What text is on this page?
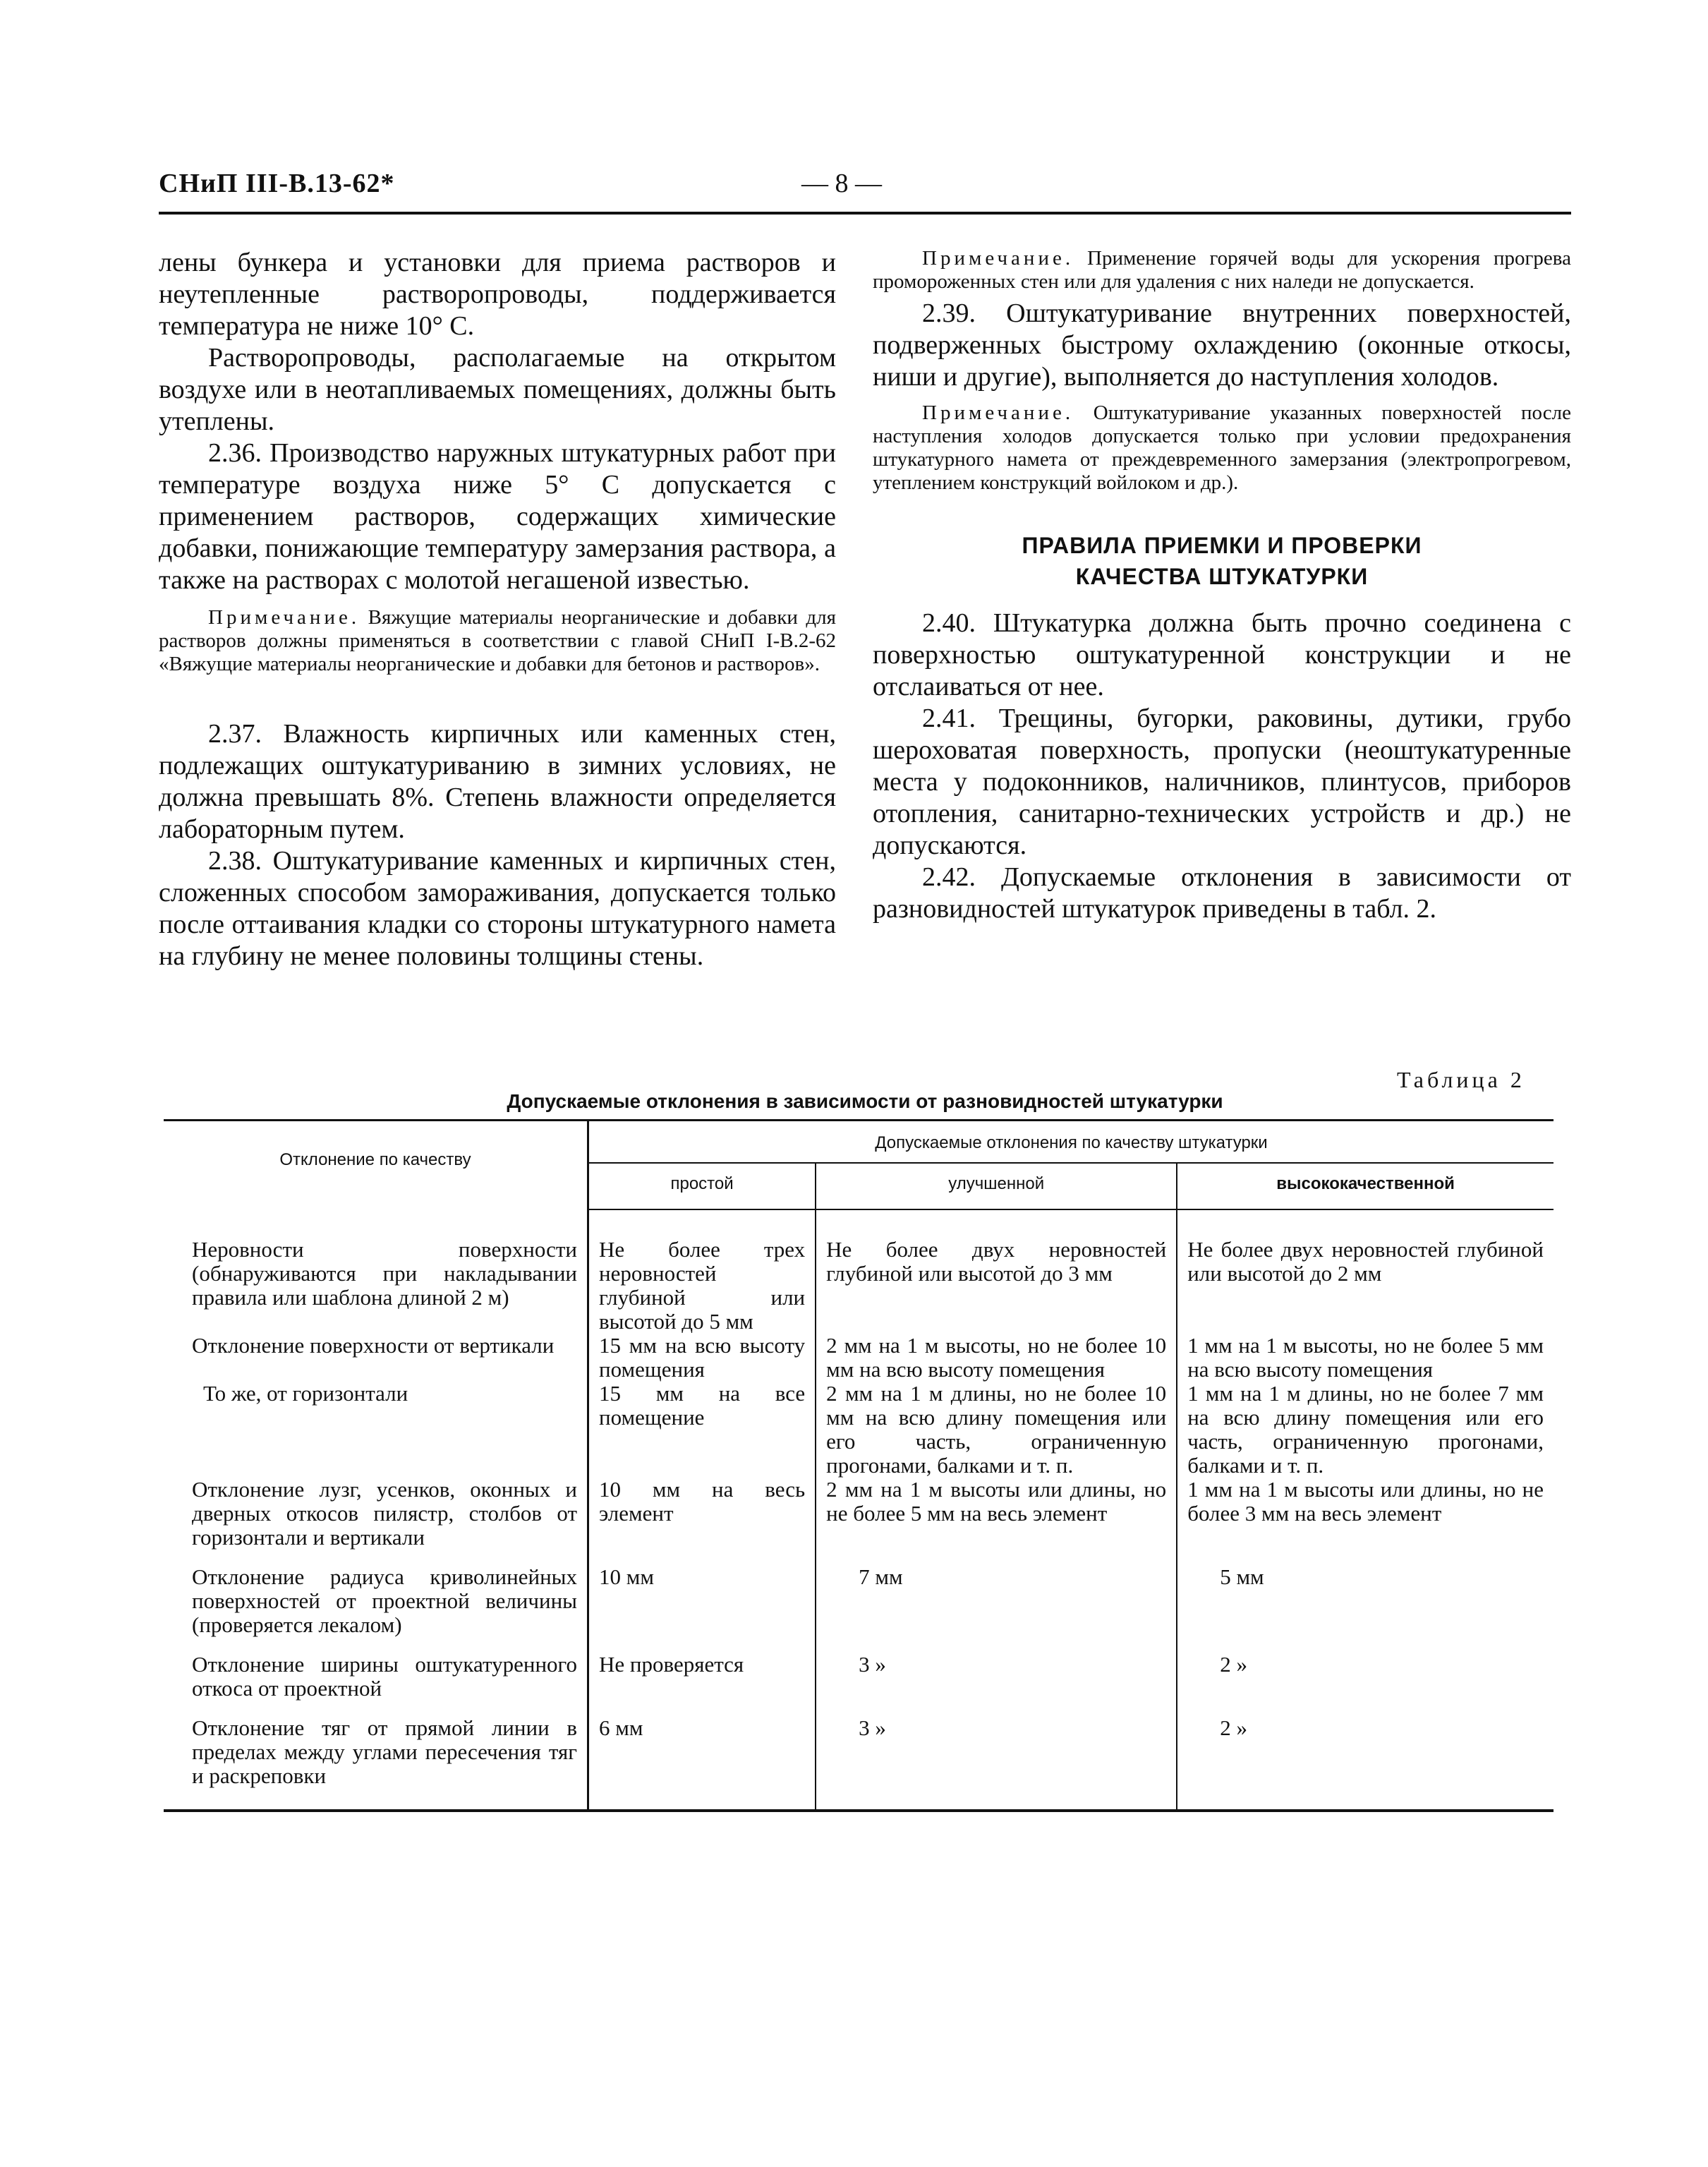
СНиП III-В.13-62*	— 8 —

лены бункера и установки для приема растворов и неутепленные растворопроводы, поддерживается температура не ниже 10° С.

Растворопроводы, располагаемые на открытом воздухе или в неотапливаемых помещениях, должны быть утеплены.

2.36. Производство наружных штукатурных работ при температуре воздуха ниже 5° С допускается с применением растворов, содержащих химические добавки, понижающие температуру замерзания раствора, а также на растворах с молотой негашеной известью.

Примечание. Вяжущие материалы неорганические и добавки для растворов должны применяться в соответствии с главой СНиП I-В.2-62 «Вяжущие материалы неорганические и добавки для бетонов и растворов».

2.37. Влажность кирпичных или каменных стен, подлежащих оштукатуриванию в зимних условиях, не должна превышать 8%. Степень влажности определяется лабораторным путем.

2.38. Оштукатуривание каменных и кирпичных стен, сложенных способом замораживания, допускается только после оттаивания кладки со стороны штукатурного намета на глубину не менее половины толщины стены.

Примечание. Применение горячей воды для ускорения прогрева промороженных стен или для удаления с них наледи не допускается.

2.39. Оштукатуривание внутренних поверхностей, подверженных быстрому охлаждению (оконные откосы, ниши и другие), выполняется до наступления холодов.

Примечание. Оштукатуривание указанных поверхностей после наступления холодов допускается только при условии предохранения штукатурного намета от преждевременного замерзания (электропрогревом, утеплением конструкций войлоком и др.).

ПРАВИЛА ПРИЕМКИ И ПРОВЕРКИ

КАЧЕСТВА ШТУКАТУРКИ

2.40. Штукатурка должна быть прочно соединена с поверхностью оштукатуренной конструкции и не отслаиваться от нее.

2.41. Трещины, бугорки, раковины, дутики, грубо шероховатая поверхность, пропуски (неоштукатуренные места у подоконников, наличников, плинтусов, приборов отопления, санитарно-технических устройств и др.) не допускаются.

2.42. Допускаемые отклонения в зависимости от разновидностей штукатурок приведены в табл. 2.

Таблица 2
Допускаемые отклонения в зависимости от разновидностей штукатурки
Отклонение по качеству	Допускаемые отклонения по качеству штукатурки		
	простой	улучшенной	высококачественной

Неровности поверхности (обнаруживаются при накладывании правила или шаблона длиной 2 м)	Не более трех неровностей глубиной или высотой до 5 мм	Не более двух неровностей глубиной или высотой до 3 мм	Не более двух неровностей глубиной или высотой до 2 мм
Отклонение поверхности от вертикали	15 мм на всю высоту помещения	2 мм на 1 м высоты, но не более 10 мм на всю высоту помещения	1 мм на 1 м высоты, но не более 5 мм на всю высоту помещения
То же, от горизонтали	15 мм на все помещение	2 мм на 1 м длины, но не более 10 мм на всю длину помещения или его часть, ограниченную прогонами, балками и т. п.	1 мм на 1 м длины, но не более 7 мм на всю длину помещения или его часть, ограниченную прогонами, балками и т. п.
Отклонение лузг, усенков, оконных и дверных откосов пилястр, столбов от горизонтали и вертикали	10 мм на весь элемент	2 мм на 1 м высоты или длины, но не более 5 мм на весь элемент	1 мм на 1 м высоты или длины, но не более 3 мм на весь элемент
Отклонение радиуса криволинейных поверхностей от проектной величины (проверяется лекалом)	10 мм	7 мм	5 мм
Отклонение ширины оштукатуренного откоса от проектной	Не проверяется	3 »	2 »
Отклонение тяг от прямой линии в пределах между углами пересечения тяг и раскреповки	6 мм	3 »	2 »
